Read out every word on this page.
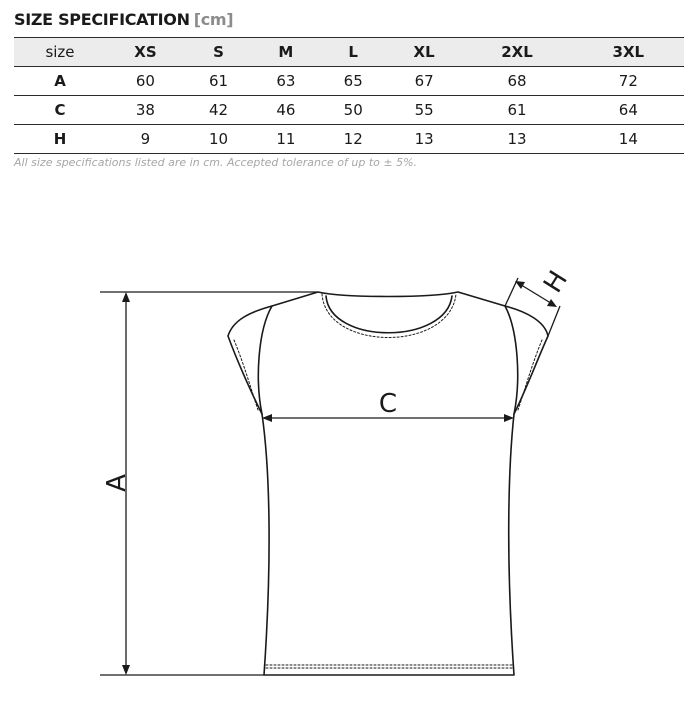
SIZE SPECIFICATION [cm]
size	XS	S	M	L	XL	2XL	3XL
A	60	61	63	65	67	68	72
C	38	42	46	50	55	61	64
H	9	10	11	12	13	13	14
All size specifications listed are in cm. Accepted tolerance of up to ± 5%.
A
C
H
